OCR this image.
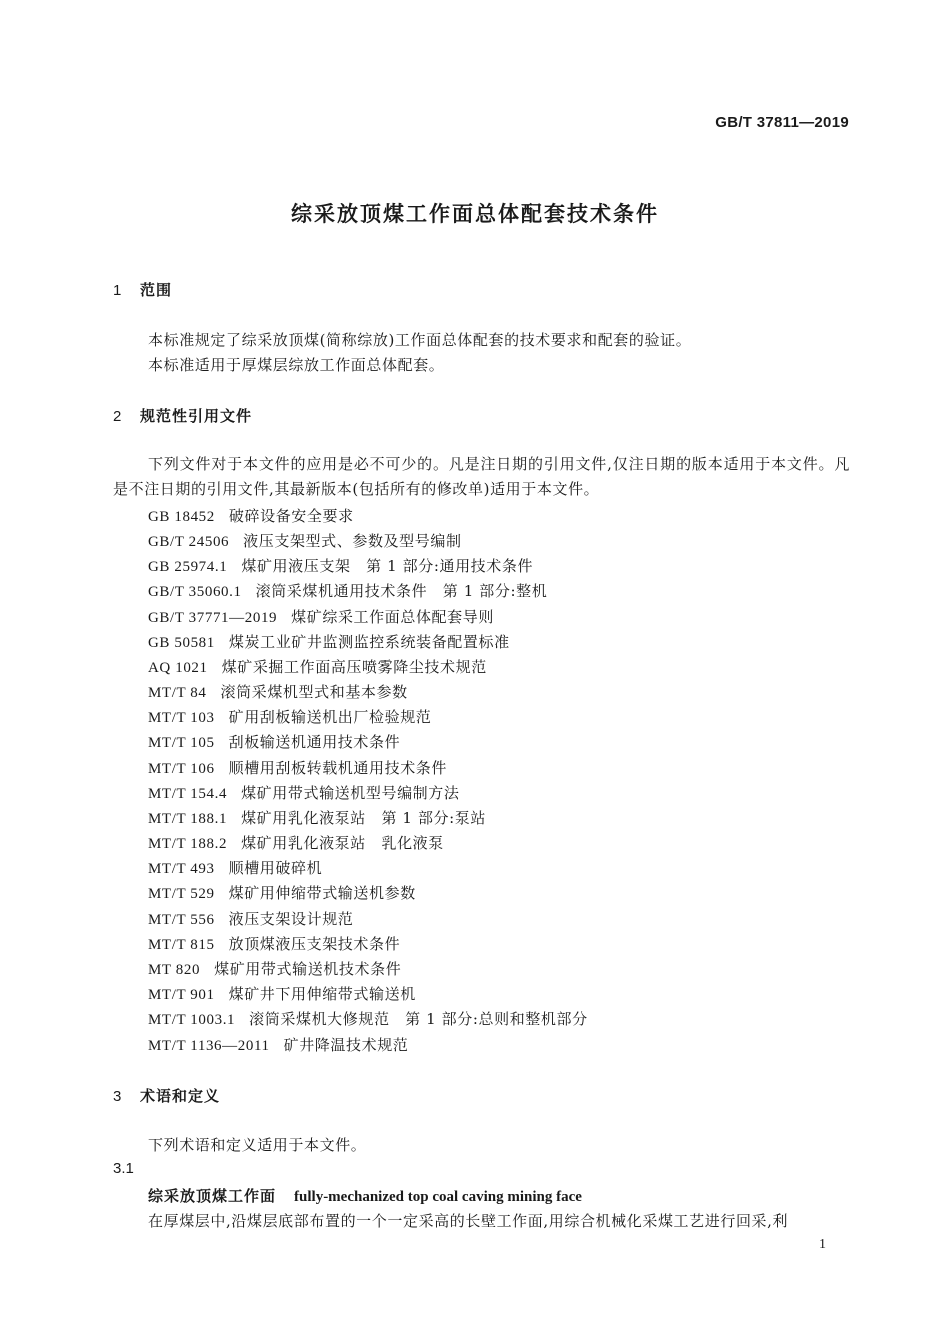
GB/T 37811—2019
综采放顶煤工作面总体配套技术条件
1 范围
本标准规定了综采放顶煤(简称综放)工作面总体配套的技术要求和配套的验证。
本标准适用于厚煤层综放工作面总体配套。
2 规范性引用文件
下列文件对于本文件的应用是必不可少的。凡是注日期的引用文件,仅注日期的版本适用于本文件。凡是不注日期的引用文件,其最新版本(包括所有的修改单)适用于本文件。
GB 18452 破碎设备安全要求
GB/T 24506 液压支架型式、参数及型号编制
GB 25974.1 煤矿用液压支架　第 1 部分:通用技术条件
GB/T 35060.1 滚筒采煤机通用技术条件　第 1 部分:整机
GB/T 37771—2019 煤矿综采工作面总体配套导则
GB 50581 煤炭工业矿井监测监控系统装备配置标准
AQ 1021 煤矿采掘工作面高压喷雾降尘技术规范
MT/T 84 滚筒采煤机型式和基本参数
MT/T 103 矿用刮板输送机出厂检验规范
MT/T 105 刮板输送机通用技术条件
MT/T 106 顺槽用刮板转载机通用技术条件
MT/T 154.4 煤矿用带式输送机型号编制方法
MT/T 188.1 煤矿用乳化液泵站　第 1 部分:泵站
MT/T 188.2 煤矿用乳化液泵站　乳化液泵
MT/T 493 顺槽用破碎机
MT/T 529 煤矿用伸缩带式输送机参数
MT/T 556 液压支架设计规范
MT/T 815 放顶煤液压支架技术条件
MT 820 煤矿用带式输送机技术条件
MT/T 901 煤矿井下用伸缩带式输送机
MT/T 1003.1 滚筒采煤机大修规范　第 1 部分:总则和整机部分
MT/T 1136—2011 矿井降温技术规范
3 术语和定义
下列术语和定义适用于本文件。
3.1
综采放顶煤工作面 fully-mechanized top coal caving mining face
在厚煤层中,沿煤层底部布置的一个一定采高的长壁工作面,用综合机械化采煤工艺进行回采,利
1
